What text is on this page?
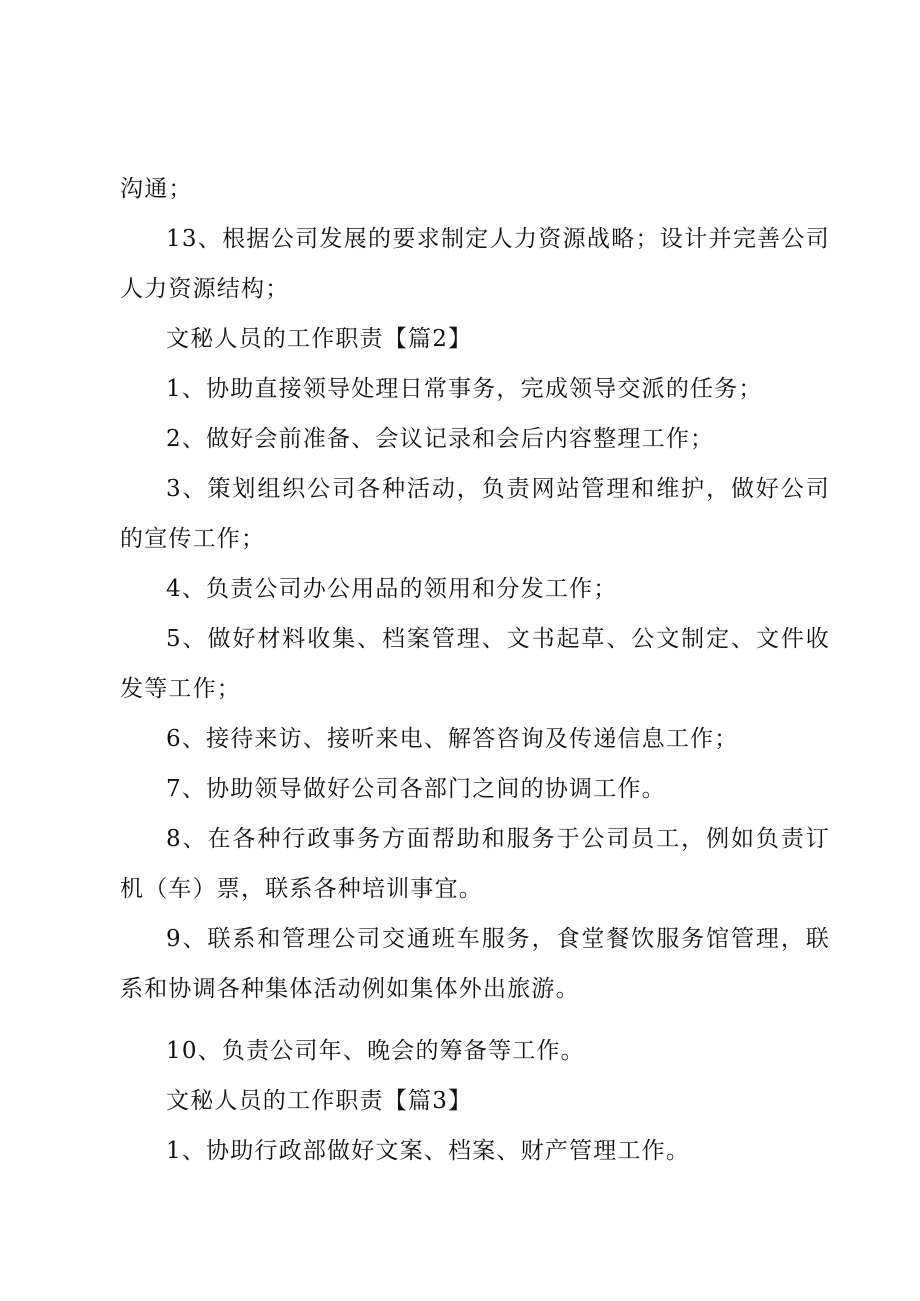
沟通；

13、根据公司发展的要求制定人力资源战略；设计并完善公司人力资源结构；

文秘人员的工作职责【篇2】

1、协助直接领导处理日常事务，完成领导交派的任务；

2、做好会前准备、会议记录和会后内容整理工作；

3、策划组织公司各种活动，负责网站管理和维护，做好公司的宣传工作；

4、负责公司办公用品的领用和分发工作；

5、做好材料收集、档案管理、文书起草、公文制定、文件收发等工作；

6、接待来访、接听来电、解答咨询及传递信息工作；

7、协助领导做好公司各部门之间的协调工作。

8、在各种行政事务方面帮助和服务于公司员工，例如负责订机（车）票，联系各种培训事宜。

9、联系和管理公司交通班车服务，食堂餐饮服务馆管理，联系和协调各种集体活动例如集体外出旅游。

10、负责公司年、晚会的筹备等工作。

文秘人员的工作职责【篇3】

1、协助行政部做好文案、档案、财产管理工作。
